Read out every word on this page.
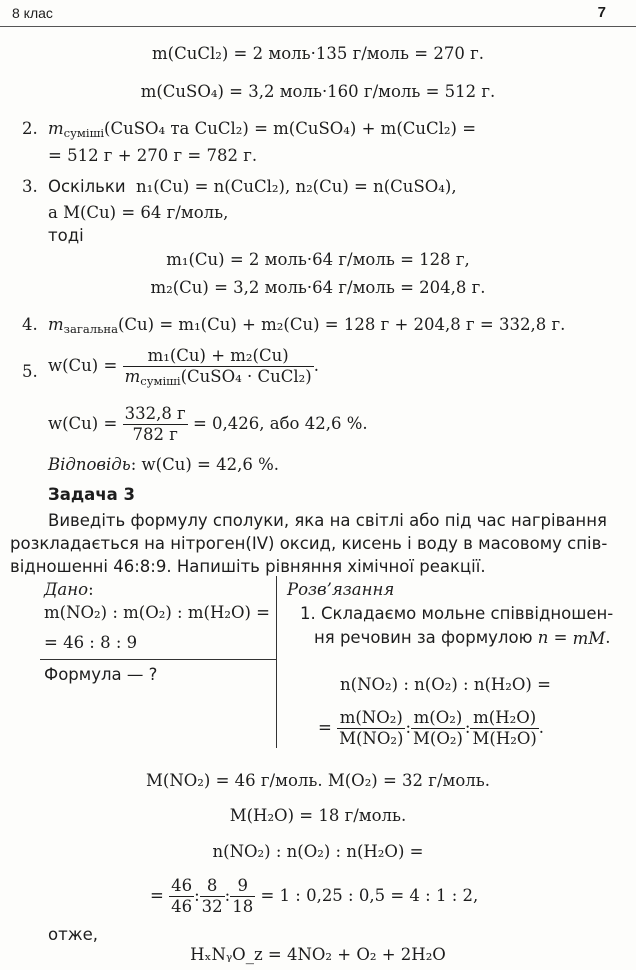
8 клас	7
m(CuCl₂) = 2 моль·135 г/моль = 270 г.
m(CuSO₄) = 3,2 моль·160 г/моль = 512 г.
2. $m_{суміші}(CuSO_4$ та CuCl₂) = m(CuSO₄) + m(CuCl₂) =
= 512 г + 270 г = 782 г.
3. Оскільки n₁(Cu) = n(CuCl₂), n₂(Cu) = n(CuSO₄),
а M(Cu) = 64 г/моль,
тоді
m₁(Cu) = 2 моль·64 г/моль = 128 г,
m₂(Cu) = 3,2 моль·64 г/моль = 204,8 г.
4. $m_{загальна}(Cu) = m_1(Cu) + m_2(Cu) = 128$ г + 204,8 г = 332,8 г.
5. $w(Cu) = \frac{\text{m₁(Cu) + m₂(Cu)}}{m_{суміші}(CuSO_4 \cdot CuCl_2)}$ .
$w(Cu) = \frac{332,8 г}{782 г} = 0,426$, або 42,6 %.
Відповідь: w(Cu) = 42,6 %.
Задача 3
Виведіть формулу сполуки, яка на світлі або під час нагрівання
розкладається на нітроген(IV) оксид, кисень і воду в масовому спів-
відношенні 46:8:9. Напишіть рівняння хімічної реакції.
Дано:
m(NO₂) : m(O₂) : m(H₂O) =
= 46 : 8 : 9
Формула — ?
Розв’язання
1. Складаємо мольне співвідношен-
ня речовин за формулою n = mM.
n(NO₂) : n(O₂) : n(H₂O) =
= $\frac{\text{m(NO₂)}}{\text{M(NO₂)}}$ : $\frac{\text{m(O₂)}}{\text{M(O₂)}}$ : $\frac{\text{m(H₂O)}}{\text{M(H₂O)}}$ .
M(NO₂) = 46 г/моль. M(O₂) = 32 г/моль.
M(H₂O) = 18 г/моль.
n(NO₂) : n(O₂) : n(H₂O) =
= $\frac{46}{46}$ : $\frac{8}{32}$ : $\frac{9}{18} = 1$ : 0,25 : 0,5 = 4 : 1 : 2,
отже,
HₓNᵧO_z = 4NO₂ + O₂ + 2H₂O
